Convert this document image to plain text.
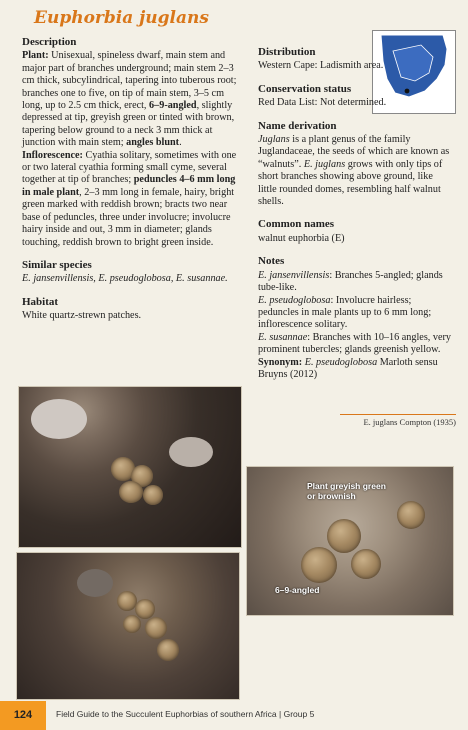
Euphorbia juglans
Description

Plant: Unisexual, spineless dwarf, main stem and major part of branches underground; main stem 2–3 cm thick, subcylindrical, tapering into tuberous root; branches one to five, on tip of main stem, 3–5 cm long, up to 2.5 cm thick, erect, 6–9-angled, slightly depressed at tip, greyish green or tinted with brown, tapering below ground to a neck 3 mm thick at junction with main stem; angles blunt.
Inflorescence: Cyathia solitary, sometimes with one or two lateral cyathia forming small cyme, several together at tip of branches; peduncles 4–6 mm long in male plant, 2–3 mm long in female, hairy, bright green marked with reddish brown; bracts two near base of peduncles, three under involucre; involucre hairy inside and out, 3 mm in diameter; glands touching, reddish brown to bright green inside.

Similar species

E. jansenvillensis, E. pseudoglobosa, E. susannae.

Habitat

White quartz-strewn patches.

Distribution

Western Cape: Ladismith area.

Conservation status

Red Data List: Not determined.

Name derivation

Juglans is a plant genus of the family Juglandaceae, the seeds of which are known as “walnuts”. E. juglans grows with only tips of short branches showing above ground, like little rounded domes, resembling half walnut shells.

Common names

walnut euphorbia (E)

Notes
E. jansenvillensis: Branches 5-angled; glands tube-like.
E. pseudoglobosa: Involucre hairless; peduncles in male plants up to 6 mm long; inflorescence solitary.
E. susannae: Branches with 10–16 angles, very prominent tubercles; glands greenish yellow.
Synonym: E. pseudoglobosa Marloth sensu Bruyns (2012)
E. juglans Compton (1935)
Plant greyish green or brownish
6–9-angled
124	Field Guide to the Succulent Euphorbias of southern Africa | Group 5
